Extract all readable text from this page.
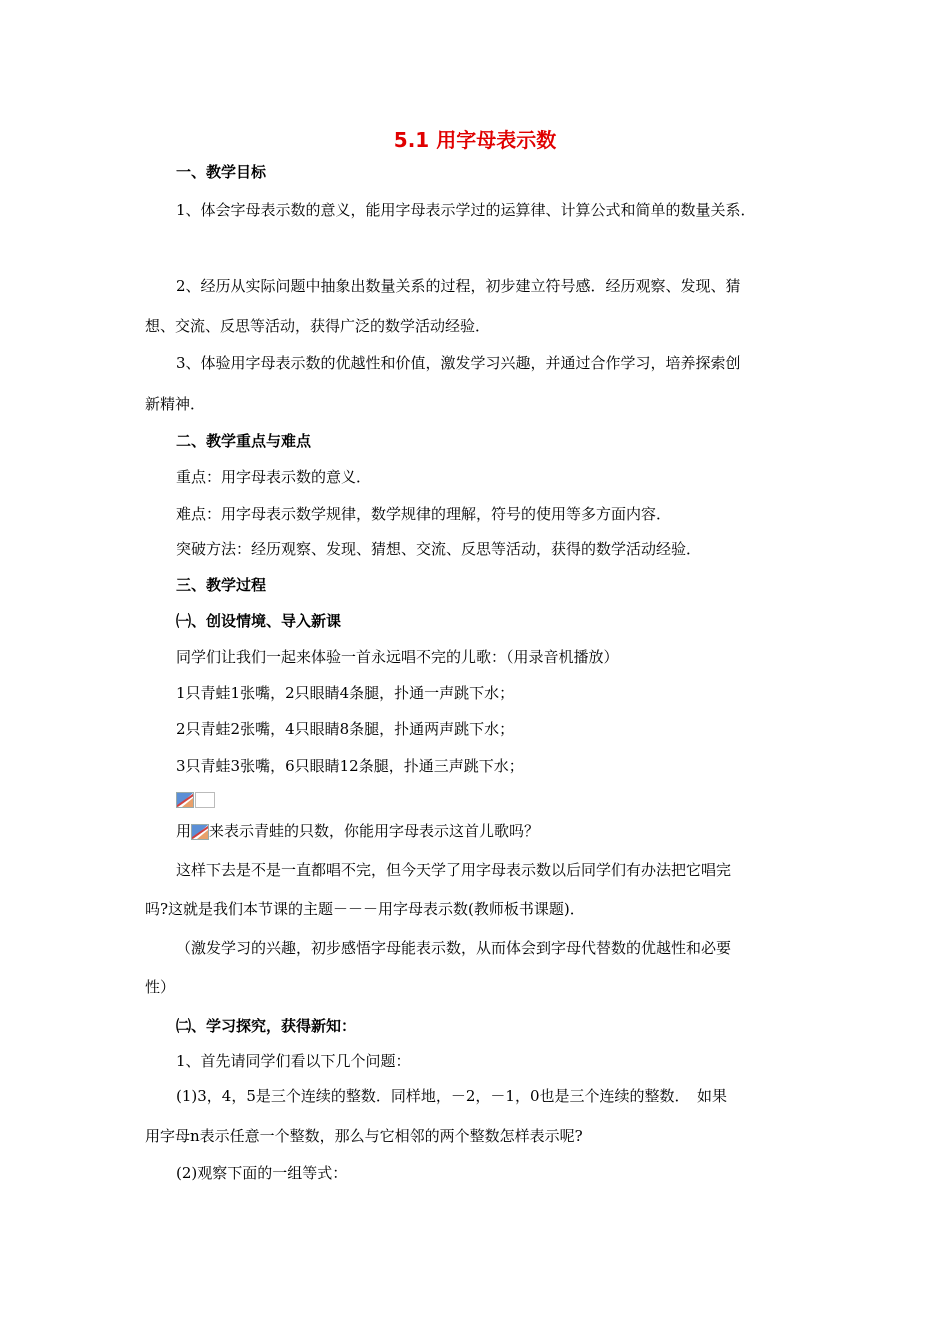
5.1 用字母表示数
一、教学目标
1、体会字母表示数的意义，能用字母表示学过的运算律、计算公式和简单的数量关系．
2、经历从实际问题中抽象出数量关系的过程，初步建立符号感．经历观察、发现、猜
想、交流、反思等活动，获得广泛的数学活动经验．
3、体验用字母表示数的优越性和价值，激发学习兴趣，并通过合作学习，培养探索创
新精神．
二、教学重点与难点
重点：用字母表示数的意义．
难点：用字母表示数学规律，数学规律的理解，符号的使用等多方面内容．
突破方法：经历观察、发现、猜想、交流、反思等活动，获得的数学活动经验．
三、教学过程
㈠、创设情境、导入新课
同学们让我们一起来体验一首永远唱不完的儿歌：（用录音机播放）
1只青蛙1张嘴，2只眼睛4条腿，扑通一声跳下水；
2只青蛙2张嘴，4只眼睛8条腿，扑通两声跳下水；
3只青蛙3张嘴，6只眼睛12条腿，扑通三声跳下水；
用 来表示青蛙的只数，你能用字母表示这首儿歌吗？
这样下去是不是一直都唱不完，但今天学了用字母表示数以后同学们有办法把它唱完
吗?这就是我们本节课的主题－－－用字母表示数(教师板书课题)．
（激发学习的兴趣，初步感悟字母能表示数，从而体会到字母代替数的优越性和必要
性）
㈡、学习探究，获得新知：
1、首先请同学们看以下几个问题：
(1)3，4，5是三个连续的整数．同样地，－2，－1，0也是三个连续的整数．　如果
用字母n表示任意一个整数，那么与它相邻的两个整数怎样表示呢?
(2)观察下面的一组等式：
